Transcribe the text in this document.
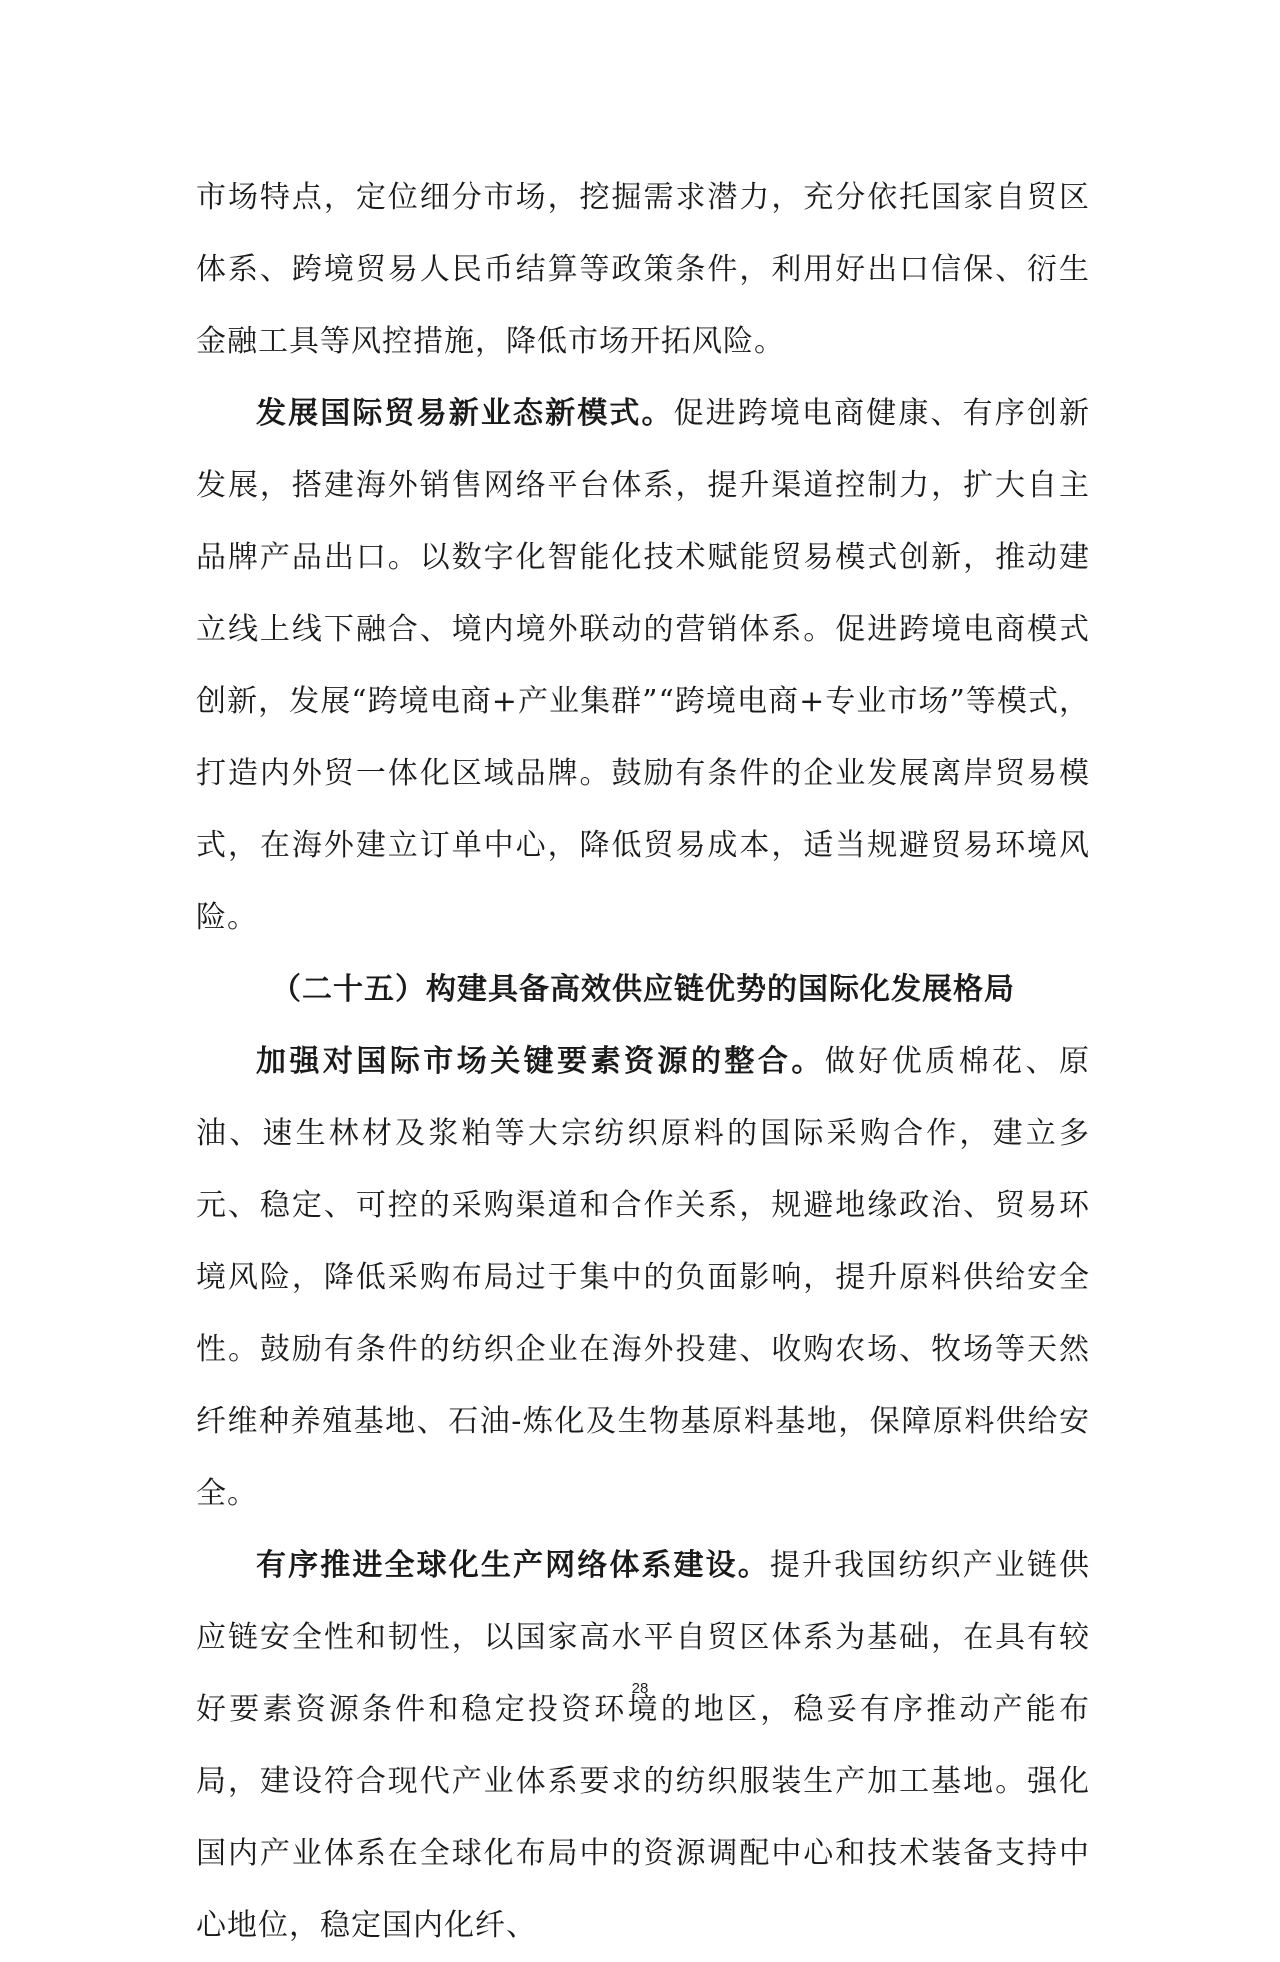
市场特点，定位细分市场，挖掘需求潜力，充分依托国家自贸区体系、跨境贸易人民币结算等政策条件，利用好出口信保、衍生金融工具等风控措施，降低市场开拓风险。

发展国际贸易新业态新模式。促进跨境电商健康、有序创新发展，搭建海外销售网络平台体系，提升渠道控制力，扩大自主品牌产品出口。以数字化智能化技术赋能贸易模式创新，推动建立线上线下融合、境内境外联动的营销体系。促进跨境电商模式创新，发展“跨境电商+产业集群”“跨境电商+专业市场”等模式，打造内外贸一体化区域品牌。鼓励有条件的企业发展离岸贸易模式，在海外建立订单中心，降低贸易成本，适当规避贸易环境风险。

（二十五）构建具备高效供应链优势的国际化发展格局

加强对国际市场关键要素资源的整合。做好优质棉花、原油、速生林材及浆粕等大宗纺织原料的国际采购合作，建立多元、稳定、可控的采购渠道和合作关系，规避地缘政治、贸易环境风险，降低采购布局过于集中的负面影响，提升原料供给安全性。鼓励有条件的纺织企业在海外投建、收购农场、牧场等天然纤维种养殖基地、石油-炼化及生物基原料基地，保障原料供给安全。

有序推进全球化生产网络体系建设。提升我国纺织产业链供应链安全性和韧性，以国家高水平自贸区体系为基础，在具有较好要素资源条件和稳定投资环境的地区，稳妥有序推动产能布局，建设符合现代产业体系要求的纺织服装生产加工基地。强化国内产业体系在全球化布局中的资源调配中心和技术装备支持中心地位，稳定国内化纤、

28
